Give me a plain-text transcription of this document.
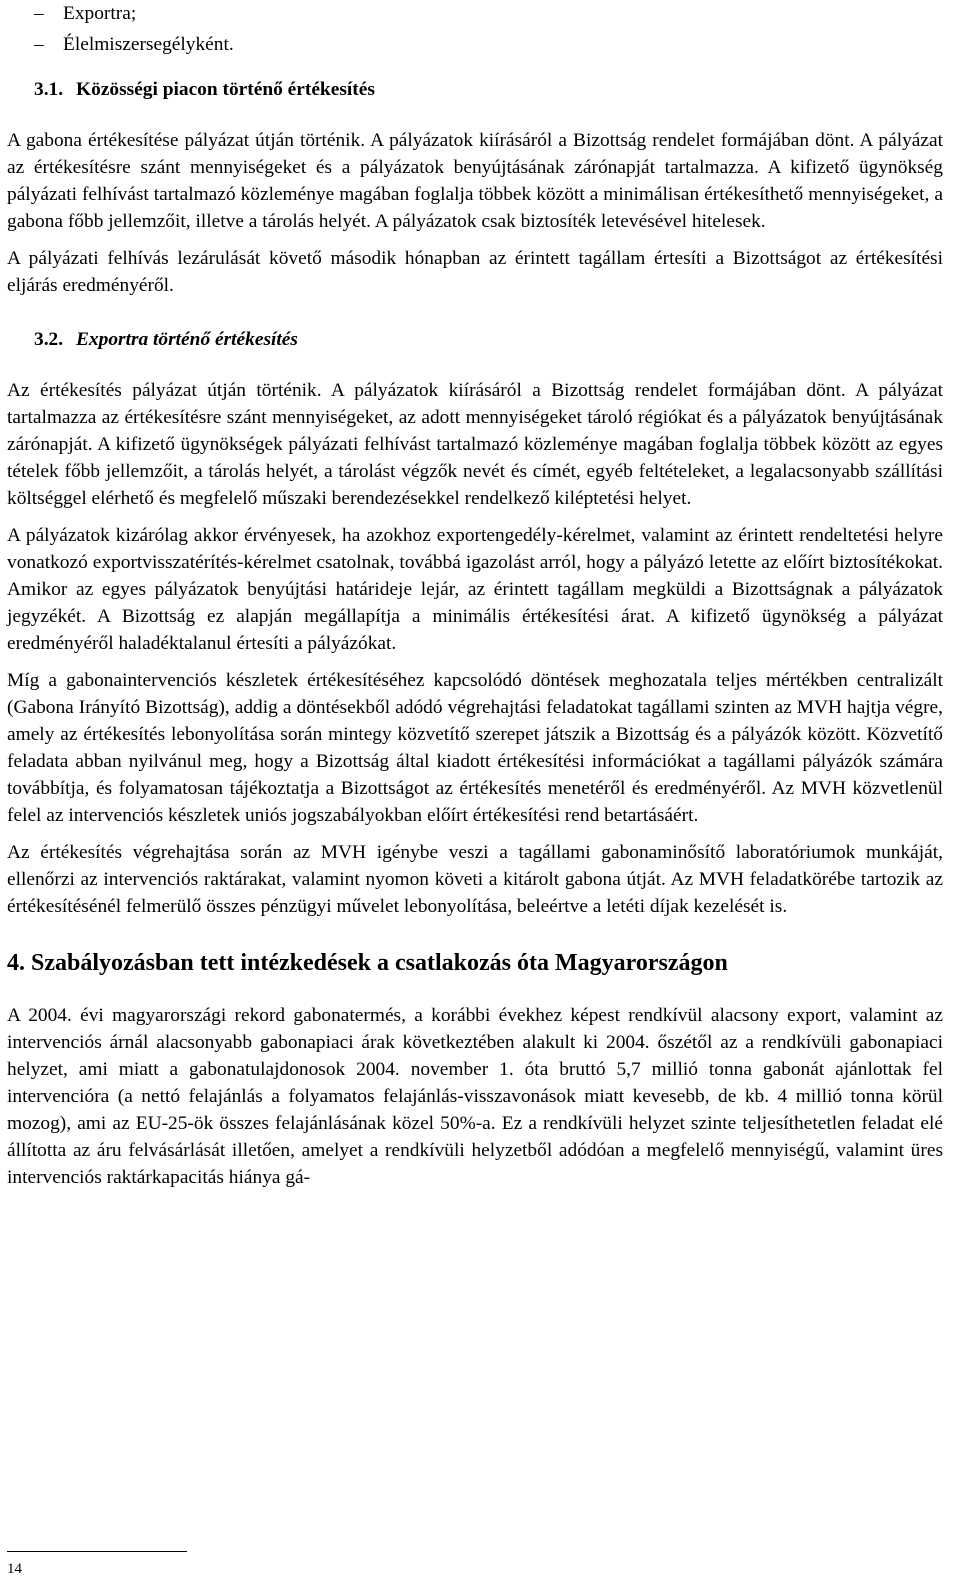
– Exportra;
– Élelmiszersegélyként.
3.1. Közösségi piacon történő értékesítés

A gabona értékesítése pályázat útján történik. A pályázatok kiírásáról a Bizottság rendelet formájában dönt. A pályázat az értékesítésre szánt mennyiségeket és a pályázatok benyújtásának zárónapját tartalmazza. A kifizető ügynökség pályázati felhívást tartalmazó közleménye magában foglalja többek között a minimálisan értékesíthető mennyiségeket, a gabona főbb jellemzőit, illetve a tárolás helyét. A pályázatok csak biztosíték letevésével hitelesek.

A pályázati felhívás lezárulását követő második hónapban az érintett tagállam értesíti a Bizottságot az értékesítési eljárás eredményéről.

3.2. Exportra történő értékesítés

Az értékesítés pályázat útján történik. A pályázatok kiírásáról a Bizottság rendelet formájában dönt. A pályázat tartalmazza az értékesítésre szánt mennyiségeket, az adott mennyiségeket tároló régiókat és a pályázatok benyújtásának zárónapját. A kifizető ügynökségek pályázati felhívást tartalmazó közleménye magában foglalja többek között az egyes tételek főbb jellemzőit, a tárolás helyét, a tárolást végzők nevét és címét, egyéb feltételeket, a legalacsonyabb szállítási költséggel elérhető és megfelelő műszaki berendezésekkel rendelkező kiléptetési helyet.

A pályázatok kizárólag akkor érvényesek, ha azokhoz exportengedély-kérelmet, valamint az érintett rendeltetési helyre vonatkozó exportvisszatérítés-kérelmet csatolnak, továbbá igazolást arról, hogy a pályázó letette az előírt biztosítékokat. Amikor az egyes pályázatok benyújtási határideje lejár, az érintett tagállam megküldi a Bizottságnak a pályázatok jegyzékét. A Bizottság ez alapján megállapítja a minimális értékesítési árat. A kifizető ügynökség a pályázat eredményéről haladéktalanul értesíti a pályázókat.

Míg a gabonaintervenciós készletek értékesítéséhez kapcsolódó döntések meghozatala teljes mértékben centralizált (Gabona Irányító Bizottság), addig a döntésekből adódó végrehajtási feladatokat tagállami szinten az MVH hajtja végre, amely az értékesítés lebonyolítása során mintegy közvetítő szerepet játszik a Bizottság és a pályázók között. Közvetítő feladata abban nyilvánul meg, hogy a Bizottság által kiadott értékesítési információkat a tagállami pályázók számára továbbítja, és folyamatosan tájékoztatja a Bizottságot az értékesítés menetéről és eredményéről. Az MVH közvetlenül felel az intervenciós készletek uniós jogszabályokban előírt értékesítési rend betartásáért.

Az értékesítés végrehajtása során az MVH igénybe veszi a tagállami gabonaminősítő laboratóriumok munkáját, ellenőrzi az intervenciós raktárakat, valamint nyomon követi a kitárolt gabona útját. Az MVH feladatkörébe tartozik az értékesítésénél felmerülő összes pénzügyi művelet lebonyolítása, beleértve a letéti díjak kezelését is.

4. Szabályozásban tett intézkedések a csatlakozás óta Magyarországon

A 2004. évi magyarországi rekord gabonatermés, a korábbi évekhez képest rendkívül alacsony export, valamint az intervenciós árnál alacsonyabb gabonapiaci árak következtében alakult ki 2004. őszétől az a rendkívüli gabonapiaci helyzet, ami miatt a gabonatulajdonosok 2004. november 1. óta bruttó 5,7 millió tonna gabonát ajánlottak fel intervencióra (a nettó felajánlás a folyamatos felajánlás-visszavonások miatt kevesebb, de kb. 4 millió tonna körül mozog), ami az EU-25-ök összes felajánlásának közel 50%-a. Ez a rendkívüli helyzet szinte teljesíthetetlen feladat elé állította az áru felvásárlását illetően, amelyet a rendkívüli helyzetből adódóan a megfelelő mennyiségű, valamint üres intervenciós raktárkapacitás hiánya gá-

14
